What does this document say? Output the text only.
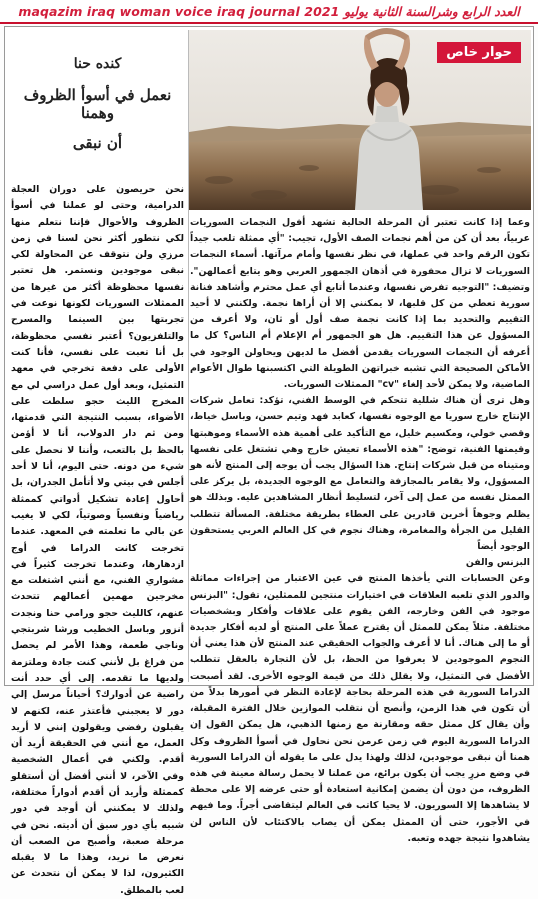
maqazim iraq woman voice iraq journal 2021 العدد الرابع وشرالسنة الثانية يوليو
حوار خاص
كنده حنا
نعمل في أسوأ الظروف وهمنا
أن نبقى
نحن حريصون على دوران العجلة الدرامية، وحتى لو عملنا في أسوأ الظروف والأحوال فإننا نتعلم منها لكي نتطور أكثر نحن لسنا في زمن مرزي ولن نتوقف عن المحاولة لكي نبقى موجودين ونستمر. هل تعتبر نفسها محظوظة أكثر من غيرها من الممثلات السوريات لكونها نوعت في تجربتها بين السينما والمسرح والتلفزيون؟ أعتبر نفسي محظوظة، بل أنا تعبت على نفسي، فأنا كنت الأولى على دفعة تخرجي في معهد التمثيل، وبعد أول عمل دراسي لي مع المخرج الليث حجو سلطت على الأضواء، بسبب النتيجة التي قدمتها، ومن ثم دار الدولاب، أنا لا أؤمن بالحظ بل بالتعب، وأننا لا نحصل على شيء من دونه. حتى اليوم، أنا لا أحد أجلس في بيتي ولا أتأمل الجدران، بل أحاول إعادة تشكيل أدواتي كممثلة رياضياً ونفسياً وصوتياً، لكي لا يغيب عن بالي ما تعلمته في المعهد. عندما تخرجت كانت الدراما في أوج ازدهارها، وعندما تخرجت كثيراً في مشواري الفني، مع أنني اشتغلت مع مخرجين مهمين أعمالهم تتحدث عنهم، كالليث حجو ورامي حنا ونجدت أنزور وباسل الخطيب ورشا شربتجي وناجي طعمة، وهذا الأمر لم يحصل من فراغ بل لأنني كنت جادة وملتزمة ولديها ما تقدمه. إلى أي حدد أنت راضية عن أدوارك؟ أحياناً مرسل إلي دور لا يعجبني فأعتذر عنه، لكنهم لا يقبلون رفضي ويقولون إنني لا أريد العمل، مع أنني في الحقيقة أريد أن أقدم. ولكني في أعمال الشخصية وفي الآخر، لا أنني أفضل أن أستقلو كممثلة وأريد أن أقدم أدواراً مختلفة، ولذلك لا يمكنني أن أوجد في دور شبيه بأي دور سبق أن أديته. نحن في مرحلة صعبة، وأصبح من الصعب أن نعرض ما نريد، وهذا ما لا يقبله الكثيرون، لذا لا يمكن أن نتحدث عن لعب بالمطلق.

وعما إذا كانت تعتبر أن المرحلة الحالية تشهد أفول النجمات السوريات عربياً، بعد أن كن من أهم نجمات الصف الأول، تجيب: "أي ممثلة تلعب جيداً تكون الرقم واحد في عملها، في نظر نفسها وأمام مرآتها. أسماء النجمات السوريات لا تزال محفورة في أذهان الجمهور العربي وهو يتابع أعمالهن". وتضيف: "التوجيه تفرض نفسها، وعندما أتابع أي عمل محترم وأشاهد فنانة سورية تعطي من كل قلبها، لا يمكنني إلا أن أراها نجمة. ولكنني لا أحيد التقييم والتحديد بما إذا كانت نجمة صف أول أو ثان، ولا أعرف من المسؤول عن هذا التقييم. هل هو الجمهور أم الإعلام أم الناس؟ كل ما أعرفه أن النجمات السوريات يقدمن أفضل ما لديهن ويحاولن الوجود في الأماكن الصحيحة التي تشبه خبراتهن الطويلة التي اكتسبنها طوال الأعوام الماضية، ولا يمكن لأحد إلغاء "cv" الممثلات السوريات.

وهل ترى أن هناك شللية تتحكم في الوسط الفني، تؤكد: تعامل شركات الإنتاج خارج سوريا مع الوجوه نفسها، كعابد فهد وتيم حسن، وباسل خياط، وقصي خولي، ومكسيم خليل، مع التأكيد على أهمية هذه الأسماء وموهبتها وقيمتها الفنية، توضح: "هذه الأسماء تعيش خارج وهي تشتغل على نفسها ومتيناه من قبل شركات إنتاج. هذا السؤال يجب أن يوجه إلى المنتج لأنه هو المسؤول، ولا يقامر بالمجازفة والتعامل مع الوجوه الجديدة، بل يركز على الممثل نفسه من عمل إلى آخر، لتسليط أنظار المشاهدين عليه. وبذلك هو يظلم وجوهاً أخرين قادرين على العطاء بطريقة مختلفة. المسألة تتطلب القليل من الجرأة والمغامرة، وهناك نجوم في كل العالم العربي يستحقون الوجود أيضاً

البزنس والفن

وعن الحسابات التي يأخذها المنتج في عين الاعتبار من إجراءات مماثلة والدور الذي تلعبه العلاقات في اختيارات منتجين للممثلين، تقول: "البزنس موجود في الفن وخارجه، الفن يقوم على علاقات وأفكار وبشخصيات مختلفة. مثلاً يمكن للممثل أن يقترح عملاً على المنتج أو لديه أفكار جديدة أو ما إلى هناك. أنا لا أعرف والجواب الحقيقي عند المنتج لأن هذا يعني أن النجوم الموجودين لا يعرفوا من الحظ، بل لأن التجارة بالعقل تتطلب الأفضل في التمثيل، ولا يقلل ذلك من قيمة الوجوه الأخرى. لقد أصبحت الدراما السورية في هذه المرحلة بحاجة لإعادة النظر في أمورها بدلاً من أن تكون في هذا الزمن، وأنصح أن نتقلب الموازين خلال الفترة المقبلة، وأن يقال كل ممثل حقه ومقارنة مع زمنها الذهبي، هل يمكن القول إن الدراما السورية اليوم في زمن عرمن نحن نحاول في أسوأ الظروف وكل همنا أن نبقى موجودين، لذلك ولهذا يدل على ما يقوله أن الدراما السورية في وضع مزرِ يجب أن يكون برائع، من عملنا لا يحمل رسالة معينة في هذه الظروف، من دون أن يضمن إمكانية استعادة أو حتى عرضه إلا على محطة لا يشاهدها إلا السوريون. لا يحيا كاتب في العالم ليتقاضى أجراً. وما فيهم في الأجور، حتى أن الممثل يمكن أن يصاب بالاكتئاب لأن الناس لن يشاهدوا نتيجة جهده وتعبه.
